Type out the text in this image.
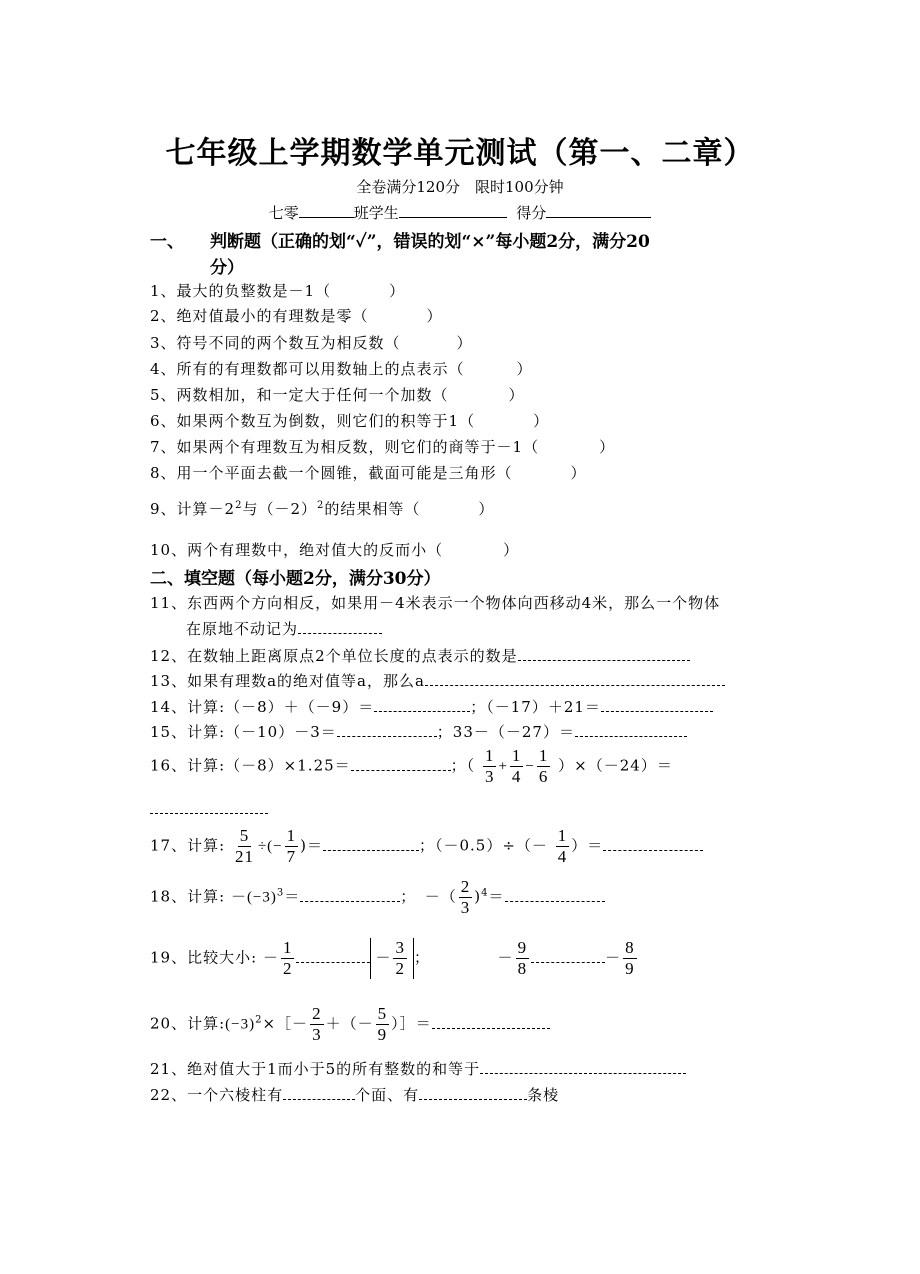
七年级上学期数学单元测试（第一、二章）
全卷满分120分　限时100分钟
七零	班学生	得分
一、 判断题（正确的划“✓”，错误的划“×”每小题2分，满分20
分）
1、最大的负整数是－1（	）
2、绝对值最小的有理数是零（	）
3、符号不同的两个数互为相反数（	）
4、所有的有理数都可以用数轴上的点表示（	）
5、两数相加，和一定大于任何一个加数（	）
6、如果两个数互为倒数，则它们的积等于1（	）
7、如果两个有理数互为相反数，则它们的商等于－1（	）
8、用一个平面去截一个圆锥，截面可能是三角形（	）
9、计算$-2^2$与$(-2)^2$的结果相等（	）
10、两个有理数中，绝对值大的反而小（	）
二、填空题（每小题2分，满分30分）
11、东西两个方向相反，如果用－4米表示一个物体向西移动4米，那么一个物体
在原地不动记为
12、在数轴上距离原点2个单位长度的点表示的数是
13、如果有理数a的绝对值等a，那么a
14、计算:（－8）＋（－9）＝	；（－17）＋21＝
15、计算:（－10）－3＝	；33－（－27）＝
16、计算:（－8）×1.25＝	；（ $\frac{1}{3} + \frac{1}{4} - \frac{1}{6} )\times(-24)=$
17、计算: $\frac{5}{21}$ ÷(− $\frac{1}{7}$ )＝	；$(-0.5)\div(- \frac{1}{4}$ ）＝
18、计算: $-(-3)^3=$	；　－（ $\frac{2}{3} )^4=$
19、比较大小: － $\frac{1}{2}$	－ $\frac{3}{2}$ ；	－ $\frac{9}{8}$	－ $\frac{8}{9}$
20、计算$:(-3)^2\times[- \frac{2}{3}$ ＋（－ $\frac{5}{9}$ ）］＝
21、绝对值大于1而小于5的所有整数的和等于
22、一个六棱柱有	个面、有	条棱
